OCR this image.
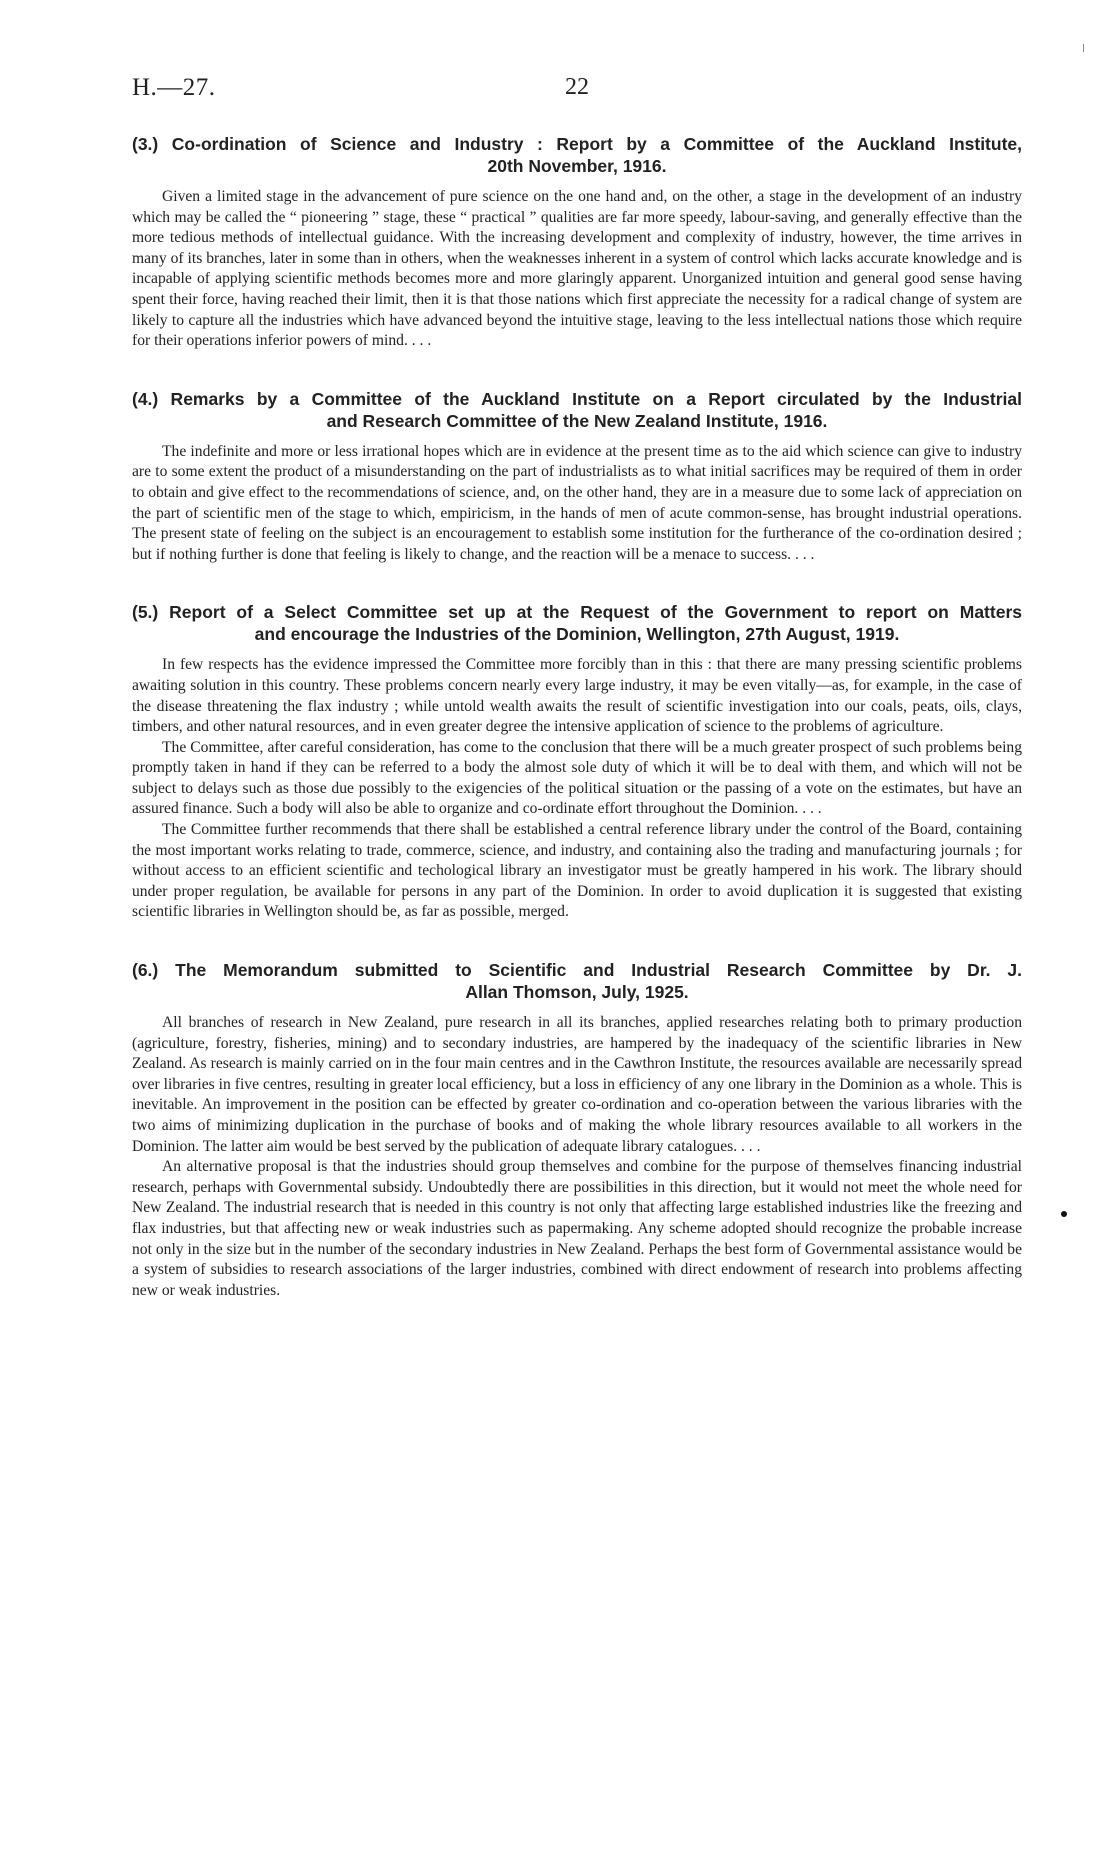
H.—27.	22
(3.) Co-ordination of Science and Industry : Report by a Committee of the Auckland Institute,
20th November, 1916.

Given a limited stage in the advancement of pure science on the one hand and, on the other, a stage in the development of an industry which may be called the “ pioneering ” stage, these “ practical ” qualities are far more speedy, labour-saving, and generally effective than the more tedious methods of intellectual guidance. With the increasing development and complexity of industry, however, the time arrives in many of its branches, later in some than in others, when the weaknesses inherent in a system of control which lacks accurate knowledge and is incapable of applying scientific methods becomes more and more glaringly apparent. Unorganized intuition and general good sense having spent their force, having reached their limit, then it is that those nations which first appreciate the necessity for a radical change of system are likely to capture all the industries which have advanced beyond the intuitive stage, leaving to the less intellectual nations those which require for their operations inferior powers of mind. . . .

(4.) Remarks by a Committee of the Auckland Institute on a Report circulated by the Industrial
and Research Committee of the New Zealand Institute, 1916.

The indefinite and more or less irrational hopes which are in evidence at the present time as to the aid which science can give to industry are to some extent the product of a misunderstanding on the part of industrialists as to what initial sacrifices may be required of them in order to obtain and give effect to the recommendations of science, and, on the other hand, they are in a measure due to some lack of appreciation on the part of scientific men of the stage to which, empiricism, in the hands of men of acute common-sense, has brought industrial operations. The present state of feeling on the subject is an encouragement to establish some institution for the furtherance of the co-ordination desired ; but if nothing further is done that feeling is likely to change, and the reaction will be a menace to success. . . .

(5.) Report of a Select Committee set up at the Request of the Government to report on Matters
and encourage the Industries of the Dominion, Wellington, 27th August, 1919.

In few respects has the evidence impressed the Committee more forcibly than in this : that there are many pressing scientific problems awaiting solution in this country. These problems concern nearly every large industry, it may be even vitally—as, for example, in the case of the disease threatening the flax industry ; while untold wealth awaits the result of scientific investigation into our coals, peats, oils, clays, timbers, and other natural resources, and in even greater degree the intensive application of science to the problems of agriculture.

The Committee, after careful consideration, has come to the conclusion that there will be a much greater prospect of such problems being promptly taken in hand if they can be referred to a body the almost sole duty of which it will be to deal with them, and which will not be subject to delays such as those due possibly to the exigencies of the political situation or the passing of a vote on the estimates, but have an assured finance. Such a body will also be able to organize and co-ordinate effort throughout the Dominion. . . .

The Committee further recommends that there shall be established a central reference library under the control of the Board, containing the most important works relating to trade, commerce, science, and industry, and containing also the trading and manufacturing journals ; for without access to an efficient scientific and techological library an investigator must be greatly hampered in his work. The library should under proper regulation, be available for persons in any part of the Dominion. In order to avoid duplication it is suggested that existing scientific libraries in Wellington should be, as far as possible, merged.

(6.) The Memorandum submitted to Scientific and Industrial Research Committee by Dr. J.
Allan Thomson, July, 1925.

All branches of research in New Zealand, pure research in all its branches, applied researches relating both to primary production (agriculture, forestry, fisheries, mining) and to secondary industries, are hampered by the inadequacy of the scientific libraries in New Zealand. As research is mainly carried on in the four main centres and in the Cawthron Institute, the resources available are necessarily spread over libraries in five centres, resulting in greater local efficiency, but a loss in efficiency of any one library in the Dominion as a whole. This is inevitable. An improvement in the position can be effected by greater co-ordination and co-operation between the various libraries with the two aims of minimizing duplication in the purchase of books and of making the whole library resources available to all workers in the Dominion. The latter aim would be best served by the publication of adequate library catalogues. . . .

An alternative proposal is that the industries should group themselves and combine for the purpose of themselves financing industrial research, perhaps with Governmental subsidy. Undoubtedly there are possibilities in this direction, but it would not meet the whole need for New Zealand. The industrial research that is needed in this country is not only that affecting large established industries like the freezing and flax industries, but that affecting new or weak industries such as papermaking. Any scheme adopted should recognize the probable increase not only in the size but in the number of the secondary industries in New Zealand. Perhaps the best form of Governmental assistance would be a system of subsidies to research associations of the larger industries, combined with direct endowment of research into problems affecting new or weak industries.
